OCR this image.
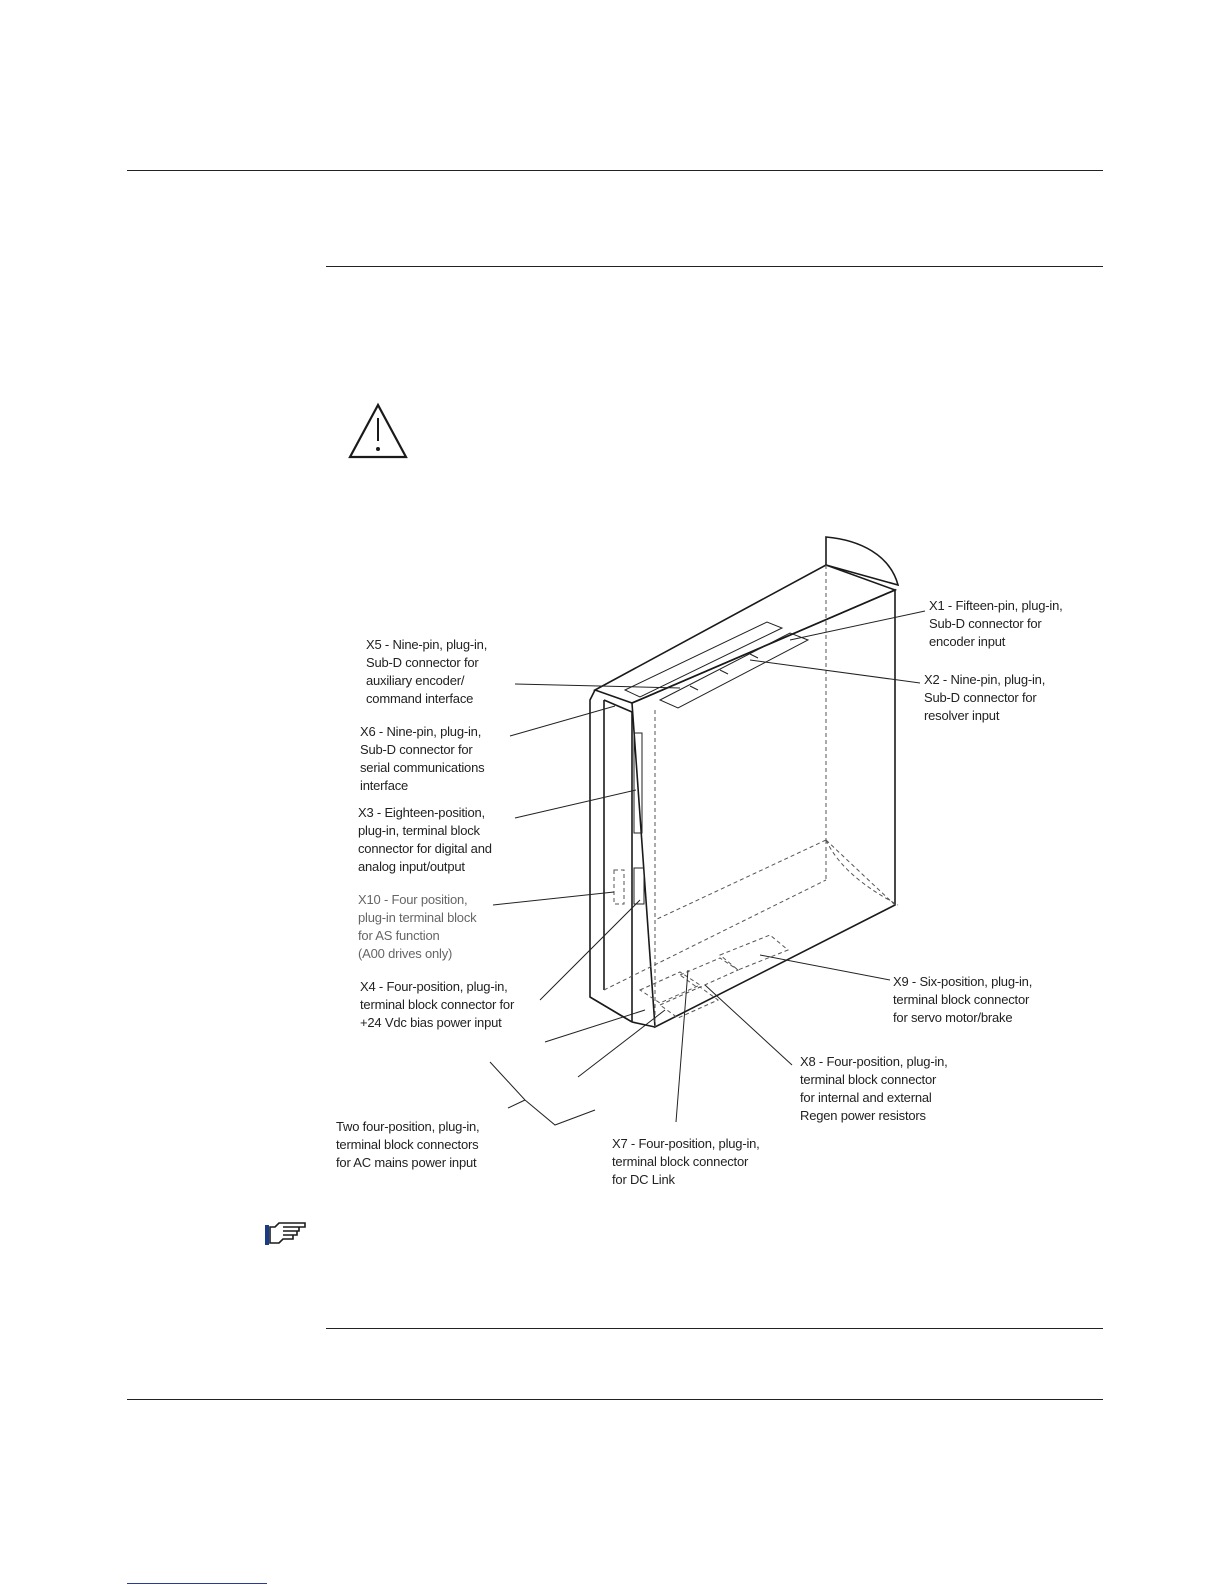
X1 - Fifteen-pin, plug-in, Sub-D connector for encoder input
X2 - Nine-pin, plug-in, Sub-D connector for resolver input
X5 - Nine-pin, plug-in, Sub-D connector for auxiliary encoder/ command interface
X6 - Nine-pin, plug-in, Sub-D connector for serial communications interface
X3 - Eighteen-position, plug-in, terminal block connector for digital and analog input/output
X10 - Four position, plug-in terminal block for AS function (A00 drives only)
X4 - Four-position, plug-in, terminal block connector for +24 Vdc bias power input
X9 - Six-position, plug-in, terminal block connector for servo motor/brake
X8 - Four-position, plug-in, terminal block connector for internal and external Regen power resistors
Two four-position, plug-in, terminal block connectors for AC mains power input
X7 - Four-position, plug-in, terminal block connector for DC Link
